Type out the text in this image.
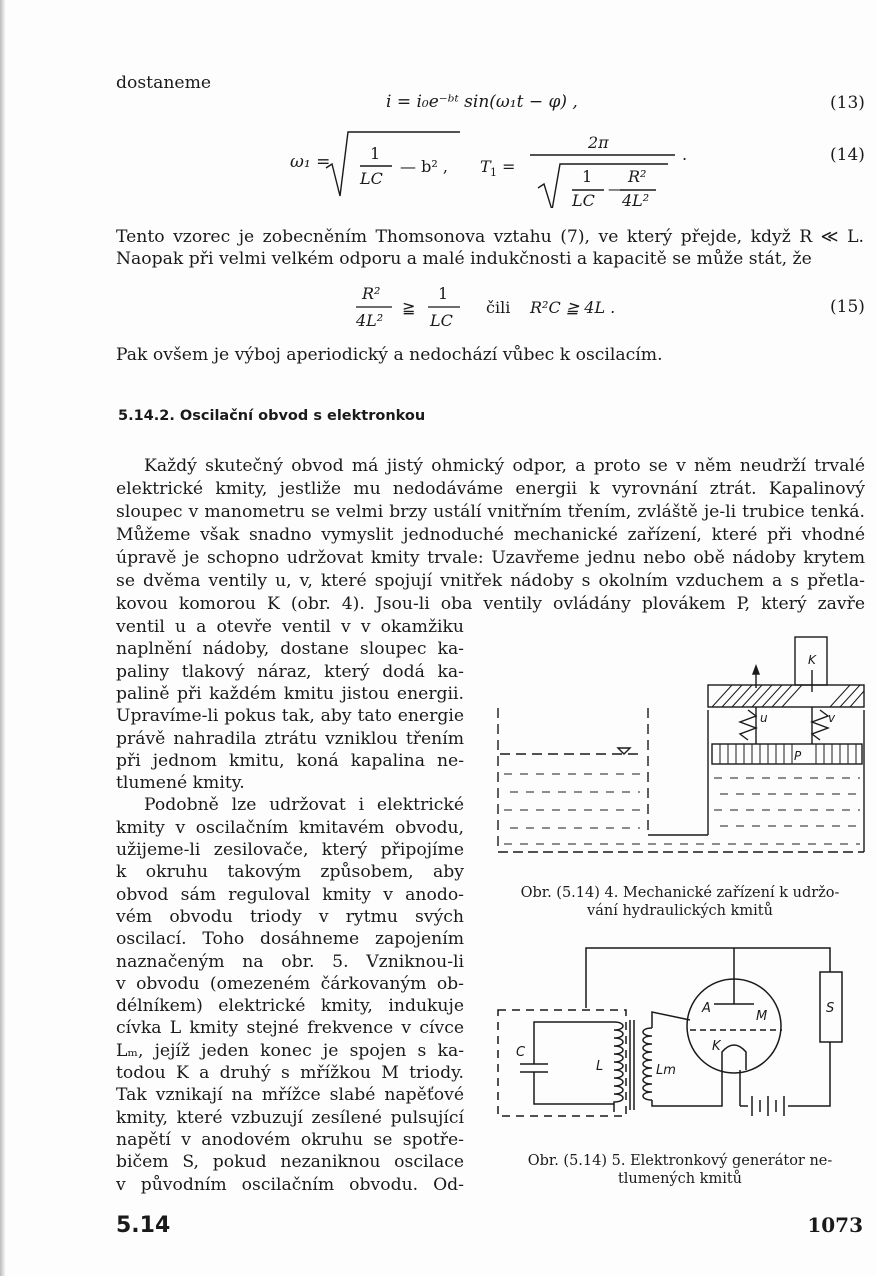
dostaneme
i = i₀e⁻ᵇᵗ sin(ω₁t − φ) ,	(13)
ω₁ = 1
LC
— b² , T 1 =
2π
1
LC
—
R²
4L²
.	(14)
Tento vzorec je zobecněním Thomsonova vztahu (7), ve který přejde, když R ≪ L.
Naopak při velmi velkém odporu a malé indukčnosti a kapacitě se může stát, že
R²
4L²
≧
1
LC
čili R²C ≧ 4L .	(15)
Pak ovšem je výboj aperiodický a nedochází vůbec k oscilacím.
5.14.2. Oscilační obvod s elektronkou
Každý skutečný obvod má jistý ohmický odpor, a proto se v něm neudrží trvalé
elektrické kmity, jestliže mu nedodáváme energii k vyrovnání ztrát. Kapalinový
sloupec v manometru se velmi brzy ustálí vnitřním třením, zvláště je-li trubice tenká.
Můžeme však snadno vymyslit jednoduché mechanické zařízení, které při vhodné
úpravě je schopno udržovat kmity trvale: Uzavřeme jednu nebo obě nádoby krytem
se dvěma ventily u, v, které spojují vnitřek nádoby s okolním vzduchem a s přetla-
kovou komorou K (obr. 4). Jsou-li oba ventily ovládány plovákem P, který zavře
ventil u a otevře ventil v v okamžiku
naplnění nádoby, dostane sloupec ka-
paliny tlakový náraz, který dodá ka-
palině při každém kmitu jistou energii.
Upravíme-li pokus tak, aby tato energie
právě nahradila ztrátu vzniklou třením
při jednom kmitu, koná kapalina ne-
tlumené kmity.
Podobně lze udržovat i elektrické
kmity v oscilačním kmitavém obvodu,
užijeme-li zesilovače, který připojíme
k okruhu takovým způsobem, aby
obvod sám reguloval kmity v anodo-
vém obvodu triody v rytmu svých
oscilací. Toho dosáhneme zapojením
naznačeným na obr. 5. Vzniknou-li
v obvodu (omezeném čárkovaným ob-
délníkem) elektrické kmity, indukuje
cívka L kmity stejné frekvence v cívce
Lₘ, jejíž jeden konec je spojen s ka-
todou K a druhý s mřížkou M triody.
Tak vznikají na mřížce slabé napěťové
kmity, které vzbuzují zesílené pulsující
napětí v anodovém okruhu se spotře-
bičem S, pokud nezaniknou oscilace
v původním oscilačním obvodu. Od-
K
u	v
P
Obr. (5.14) 4. Mechanické zařízení k udržo-
vání hydraulických kmitů
A
M
K
C
L	Lm
S
Obr. (5.14) 5. Elektronkový generátor ne-
tlumených kmitů
5.14	1073
